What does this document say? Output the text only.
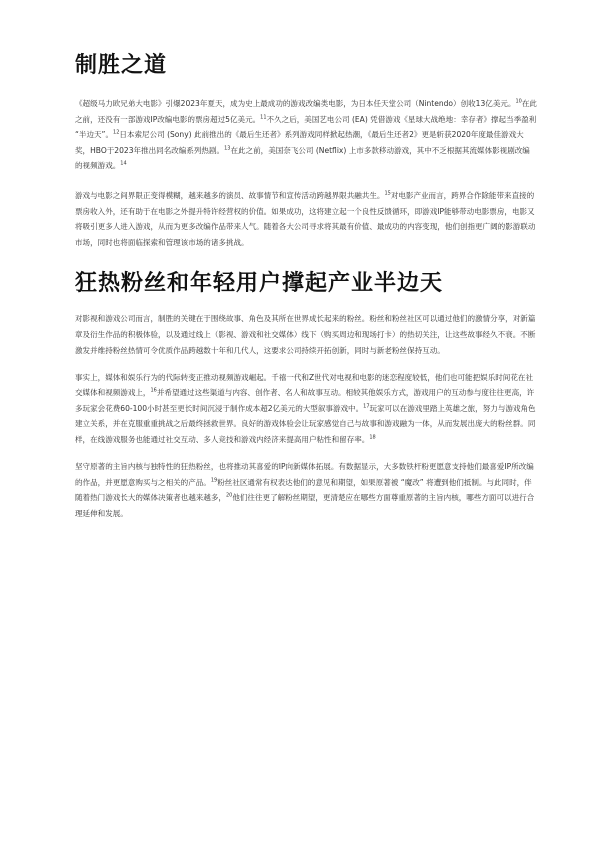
制胜之道

《超级马力欧兄弟大电影》引爆2023年夏天，成为史上最成功的游戏改编类电影，为日本任天堂公司（Nintendo）创收13亿美元。$^{10}$在此之前，还没有一部游戏IP改编电影的票房超过5亿美元。$^{11}$不久之后，美国艺电公司 (EA) 凭借游戏《星球大战绝地：幸存者》撑起当季盈利 “半边天”。$^{12}$日本索尼公司 (Sony) 此前推出的《最后生还者》系列游戏同样掀起热潮，《最后生还者2》更是斩获2020年度最佳游戏大奖，HBO于2023年推出同名改编系列热剧。$^{13}$在此之前，美国奈飞公司 (Netflix) 上市多款移动游戏，其中不乏根据其流媒体影视剧改编的视频游戏。$^{14}$

游戏与电影之间界限正变得模糊，越来越多的演员、故事情节和宣传活动跨越界限共融共生。$^{15}$对电影产业而言，跨界合作除能带来直接的票房收入外，还有助于在电影之外提升特许经营权的价值。如果成功，这将建立起一个良性反馈循环，即游戏IP能够带动电影票房，电影又将吸引更多人进入游戏，从而为更多改编作品带来人气。随着各大公司寻求将其最有价值、最成功的内容变现，他们创指更广阔的影游联动市场，同时也将面临探索和管理该市场的诸多挑战。

狂热粉丝和年轻用户撑起产业半边天

对影视和游戏公司而言，制胜的关键在于围绕故事、角色及其所在世界成长起来的粉丝。粉丝和粉丝社区可以通过他们的激情分享，对新篇章及衍生作品的积极体验，以及通过线上（影视、游戏和社交媒体）线下（购买周边和现场打卡）的热切关注，让这些故事经久不衰。不断激发并维持粉丝热情可令优质作品跨越数十年和几代人，这要求公司持续开拓创新，同时与新老粉丝保持互动。

事实上，媒体和娱乐行为的代际转变正推动视频游戏崛起。千禧一代和Z世代对电视和电影的迷恋程度较低，他们也可能把娱乐时间花在社交媒体和视频游戏上，$^{16}$并希望通过这些渠道与内容、创作者、名人和故事互动。相较其他娱乐方式，游戏用户的互动参与度往往更高，许多玩家会花费60-100小时甚至更长时间沉浸于制作成本超2亿美元的大型叙事游戏中。$^{17}$玩家可以在游戏里踏上英雄之旅，努力与游戏角色建立关系，并在克服重重挑战之后最终拯救世界。良好的游戏体验会让玩家感觉自己与故事和游戏融为一体，从而发展出庞大的粉丝群。同样，在线游戏服务也能通过社交互动、多人竞技和游戏内经济来提高用户粘性和留存率。$^{18}$

坚守原著的主旨内核与独特性的狂热粉丝，也将推动其喜爱的IP向新媒体拓展。有数据显示，大多数铁杆粉更愿意支持他们最喜爱IP所改编的作品，并更愿意购买与之相关的产品。$^{19}$粉丝社区通常有权表达他们的意见和期望，如果原著被 “魔改” 将遭到他们抵制。与此同时，伴随着热门游戏长大的媒体决策者也越来越多，$^{20}$他们往往更了解粉丝期望，更清楚应在哪些方面尊重原著的主旨内核，哪些方面可以进行合理延伸和发展。
